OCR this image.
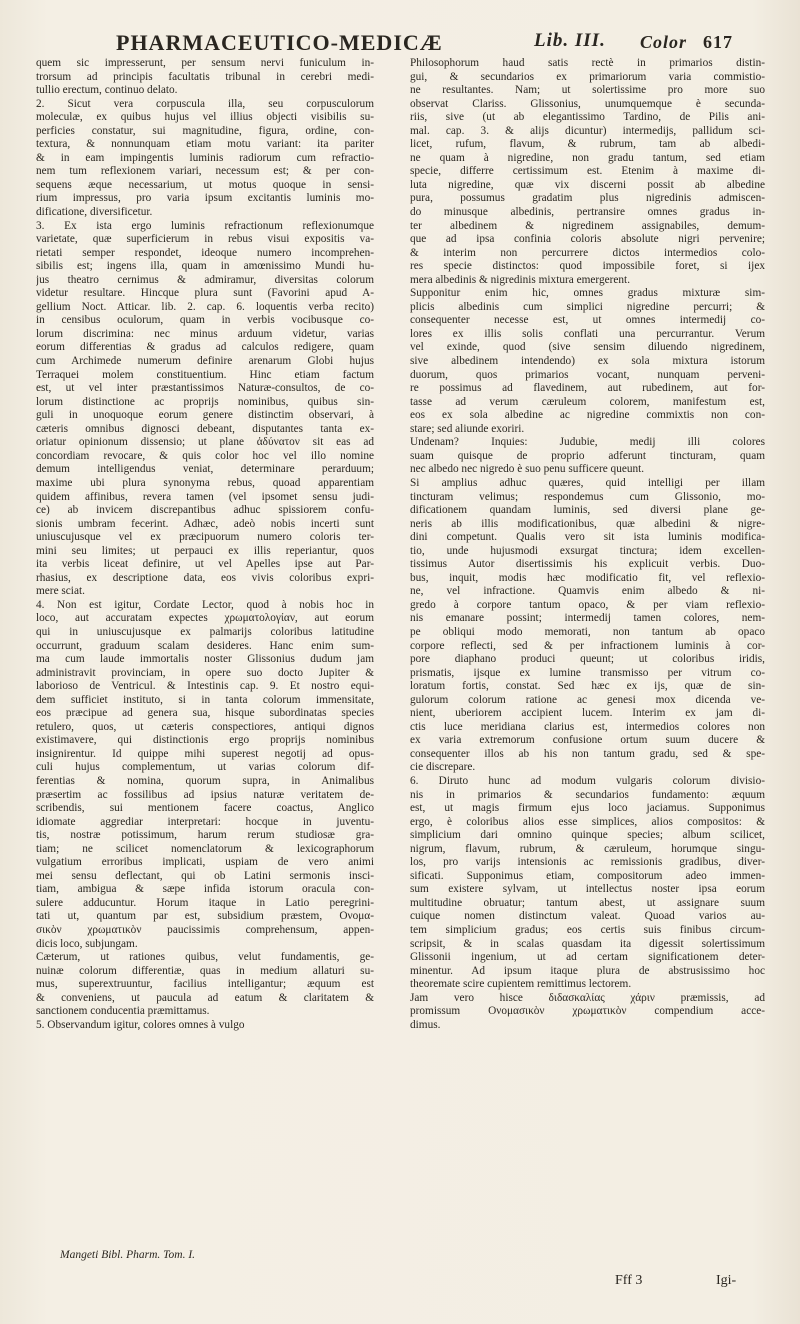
PHARMACEUTICO-MEDICÆ	Lib. III. Color 617
quem sic impresserunt, per sensum nervi funiculum in-
trorsum ad principis facultatis tribunal in cerebri medi-
tullio erectum, continuo delato.
2. Sicut vera corpuscula illa, seu corpusculorum
moleculæ, ex quibus hujus vel illius objecti visibilis su-
perficies constatur, sui magnitudine, figura, ordine, con-
textura, & nonnunquam etiam motu variant: ita pariter
& in eam impingentis luminis radiorum cum refractio-
nem tum reflexionem variari, necessum est; & per con-
sequens æque necessarium, ut motus quoque in sensi-
rium impressus, pro varia ipsum excitantis luminis mo-
dificatione, diversificetur.
3. Ex ista ergo luminis refractionum reflexionumque
varietate, quæ superficierum in rebus visui expositis va-
rietati semper respondet, ideoque numero incomprehen-
sibilis est; ingens illa, quam in amœnissimo Mundi hu-
jus theatro cernimus & admiramur, diversitas colorum
videtur resultare. Hincque plura sunt (Favorini apud A-
gellium Noct. Atticar. lib. 2. cap. 6. loquentis verba recito)
in censibus oculorum, quam in verbis vocibusque co-
lorum discrimina: nec minus arduum videtur, varias
eorum differentias & gradus ad calculos redigere, quam
cum Archimede numerum definire arenarum Globi hujus
Terraquei molem constituentium. Hinc etiam factum
est, ut vel inter præstantissimos Naturæ-consultos, de co-
lorum distinctione ac proprijs nominibus, quibus sin-
guli in unoquoque eorum genere distinctim observari, à
cæteris omnibus dignosci debeant, disputantes tanta ex-
oriatur opinionum dissensio; ut plane ἀδύνατον sit eas ad
concordiam revocare, & quis color hoc vel illo nomine
demum intelligendus veniat, determinare perarduum;
maxime ubi plura synonyma rebus, quoad apparentiam
quidem affinibus, revera tamen (vel ipsomet sensu judi-
ce) ab invicem discrepantibus adhuc spissiorem confu-
sionis umbram fecerint. Adhæc, adeò nobis incerti sunt
uniuscujusque vel ex præcipuorum numero coloris ter-
mini seu limites; ut perpauci ex illis reperiantur, quos
ita verbis liceat definire, ut vel Apelles ipse aut Par-
rhasius, ex descriptione data, eos vivis coloribus expri-
mere sciat.
4. Non est igitur, Cordate Lector, quod à nobis hoc in
loco, aut accuratam expectes χρωματολογίαν, aut eorum
qui in uniuscujusque ex palmarijs coloribus latitudine
occurrunt, graduum scalam desideres. Hanc enim sum-
ma cum laude immortalis noster Glissonius dudum jam
administravit provinciam, in opere suo docto Jupiter &
laborioso de Ventricul. & Intestinis cap. 9. Et nostro equi-
dem sufficiet instituto, si in tanta colorum immensitate,
eos præcipue ad genera sua, hisque subordinatas species
retulero, quos, ut cæteris conspectiores, antiqui dignos
existimavere, qui distinctionis ergo proprijs nominibus
insignirentur. Id quippe mihi superest negotij ad opus-
culi hujus complementum, ut varias colorum dif-
ferentias & nomina, quorum supra, in Animalibus
præsertim ac fossilibus ad ipsius naturæ veritatem de-
scribendis, sui mentionem facere coactus, Anglico
idiomate aggrediar interpretari: hocque in juventu-
tis, nostræ potissimum, harum rerum studiosæ gra-
tiam; ne scilicet nomenclatorum & lexicographorum
vulgatium erroribus implicati, uspiam de vero animi
mei sensu deflectant, qui ob Latini sermonis insci-
tiam, ambigua & sæpe infida istorum oracula con-
sulere adducuntur. Horum itaque in Latio peregrini-
tati ut, quantum par est, subsidium præstem, Ονομα-
σικὸν χρωματικὸν paucissimis comprehensum, appen-
dicis loco, subjungam.
Cæterum, ut rationes quibus, velut fundamentis, ge-
nuinæ colorum differentiæ, quas in medium allaturi su-
mus, superextruuntur, facilius intelligantur; æquum est
& conveniens, ut paucula ad eatum & claritatem &
sanctionem conducentia præmittamus.
5. Observandum igitur, colores omnes à vulgo
Philosophorum haud satis rectè in primarios distin-
gui, & secundarios ex primariorum varia commistio-
ne resultantes. Nam; ut solertissime pro more suo
observat Clariss. Glissonius, unumquemque è secunda-
riis, sive (ut ab elegantissimo Tardino, de Pilis ani-
mal. cap. 3. & alijs dicuntur) intermedijs, pallidum sci-
licet, rufum, flavum, & rubrum, tam ab albedi-
ne quam à nigredine, non gradu tantum, sed etiam
specie, differre certissimum est. Etenim à maxime di-
luta nigredine, quæ vix discerni possit ab albedine
pura, possumus gradatim plus nigredinis admiscen-
do minusque albedinis, pertransire omnes gradus in-
ter albedinem & nigredinem assignabiles, demum-
que ad ipsa confinia coloris absolute nigri pervenire;
& interim non percurrere dictos intermedios colo-
res specie distinctos: quod impossibile foret, si ijex
mera albedinis & nigredinis mixtura emergerent.
Supponitur enim hic, omnes gradus mixturæ sim-
plicis albedinis cum simplici nigredine percurri; &
consequenter necesse est, ut omnes intermedij co-
lores ex illis solis conflati una percurrantur. Verum
vel exinde, quod (sive sensim diluendo nigredinem,
sive albedinem intendendo) ex sola mixtura istorum
duorum, quos primarios vocant, nunquam perveni-
re possimus ad flavedinem, aut rubedinem, aut for-
tasse ad verum cæruleum colorem, manifestum est,
eos ex sola albedine ac nigredine commixtis non con-
stare; sed aliunde exoriri.
Undenam? Inquies: Judubie, medij illi colores
suam quisque de proprio adferunt tincturam, quam
nec albedo nec nigredo è suo penu sufficere queunt.
Si amplius adhuc quæres, quid intelligi per illam
tincturam velimus; respondemus cum Glissonio, mo-
dificationem quandam luminis, sed diversi plane ge-
neris ab illis modificationibus, quæ albedini & nigre-
dini competunt. Qualis vero sit ista luminis modifica-
tio, unde hujusmodi exsurgat tinctura; idem excellen-
tissimus Autor disertissimis his explicuit verbis. Duo-
bus, inquit, modis hæc modificatio fit, vel reflexio-
ne, vel infractione. Quamvis enim albedo & ni-
gredo à corpore tantum opaco, & per viam reflexio-
nis emanare possint; intermedij tamen colores, nem-
pe obliqui modo memorati, non tantum ab opaco
corpore reflecti, sed & per infractionem luminis à cor-
pore diaphano produci queunt; ut coloribus iridis,
prismatis, ijsque ex lumine transmisso per vitrum co-
loratum fortis, constat. Sed hæc ex ijs, quæ de sin-
gulorum colorum ratione ac genesi mox dicenda ve-
nient, uberiorem accipient lucem. Interim ex jam di-
ctis luce meridiana clarius est, intermedios colores non
ex varia extremorum confusione ortum suum ducere &
consequenter illos ab his non tantum gradu, sed & spe-
cie discrepare.
6. Diruto hunc ad modum vulgaris colorum divisio-
nis in primarios & secundarios fundamento: æquum
est, ut magis firmum ejus loco jaciamus. Supponimus
ergo, è coloribus alios esse simplices, alios compositos: &
simplicium dari omnino quinque species; album scilicet,
nigrum, flavum, rubrum, & cæruleum, horumque singu-
los, pro varijs intensionis ac remissionis gradibus, diver-
sificati. Supponimus etiam, compositorum adeo immen-
sum existere sylvam, ut intellectus noster ipsa eorum
multitudine obruatur; tantum abest, ut assignare suum
cuique nomen distinctum valeat. Quoad varios au-
tem simplicium gradus; eos certis suis finibus circum-
scripsit, & in scalas quasdam ita digessit solertissimum
Glissonii ingenium, ut ad certam significationem deter-
minentur. Ad ipsum itaque plura de abstrusissimo hoc
theoremate scire cupientem remittimus lectorem.
Jam vero hisce διδασκαλίας χάριν præmissis, ad
promissum Ονομασικὸν χρωματικὸν compendium acce-
dimus.
Mangeti Bibl. Pharm. Tom. I.
Fff 3	Igi-
